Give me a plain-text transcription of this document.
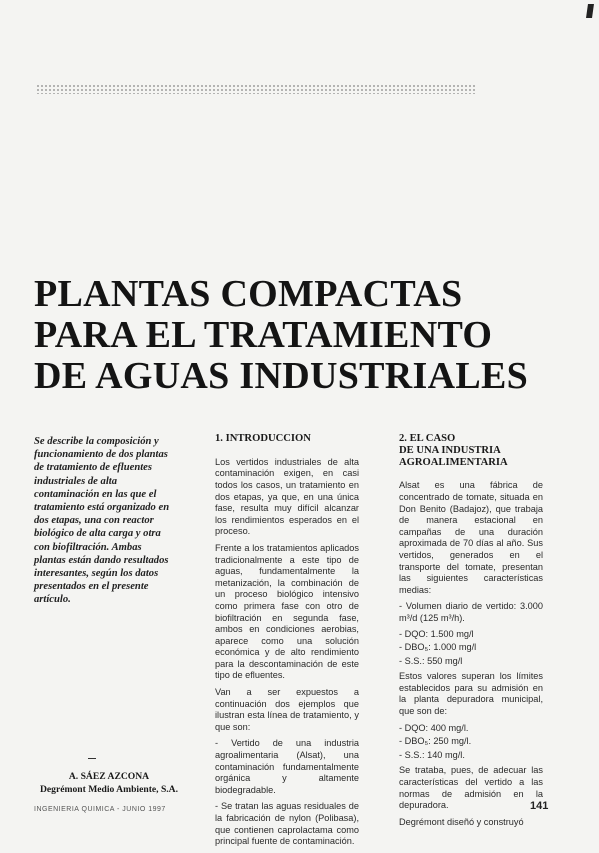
PLANTAS COMPACTAS
PARA EL TRATAMIENTO
DE AGUAS INDUSTRIALES

Se describe la composición y funcionamiento de dos plantas de tratamiento de efluentes industriales de alta contaminación en las que el tratamiento está organizado en dos etapas, una con reactor biológico de alta carga y otra con biofiltración. Ambas plantas están dando resultados interesantes, según los datos presentados en el presente artículo.

A. SÁEZ AZCONA
Degrémont Medio Ambiente, S.A.
1. INTRODUCCION

Los vertidos industriales de alta contaminación exigen, en casi todos los casos, un tratamiento en dos etapas, ya que, en una única fase, resulta muy difícil alcanzar los rendimientos esperados en el proceso.

Frente a los tratamientos aplicados tradicionalmente a este tipo de aguas, fundamentalmente la metanización, la combinación de un proceso biológico intensivo como primera fase con otro de biofiltración en segunda fase, ambos en condiciones aerobias, aparece como una solución económica y de alto rendimiento para la descontaminación de este tipo de efluentes.

Van a ser expuestos a continuación dos ejemplos que ilustran esta línea de tratamiento, y que son:

- Vertido de una industria agroalimentaria (Alsat), una contaminación fundamentalmente orgánica y altamente biodegradable.

- Se tratan las aguas residuales de la fabricación de nylon (Polibasa), que contienen caprolactama como principal fuente de contaminación.

2. EL CASO
DE UNA INDUSTRIA
AGROALIMENTARIA

Alsat es una fábrica de concentrado de tomate, situada en Don Benito (Badajoz), que trabaja de manera estacional en campañas de una duración aproximada de 70 días al año. Sus vertidos, generados en el transporte del tomate, presentan las siguientes características medias:

- Volumen diario de vertido: 3.000 m³/d (125 m³/h).

- DQO: 1.500 mg/l

- DBO₅: 1.000 mg/l

- S.S.: 550 mg/l

Estos valores superan los límites establecidos para su admisión en la planta depuradora municipal, que son de:

- DQO: 400 mg/l.

- DBO₅: 250 mg/l.

- S.S.: 140 mg/l.

Se trataba, pues, de adecuar las características del vertido a las normas de admisión en la depuradora.

Degrémont diseñó y construyó

INGENIERIA QUIMICA - JUNIO 1997	141
